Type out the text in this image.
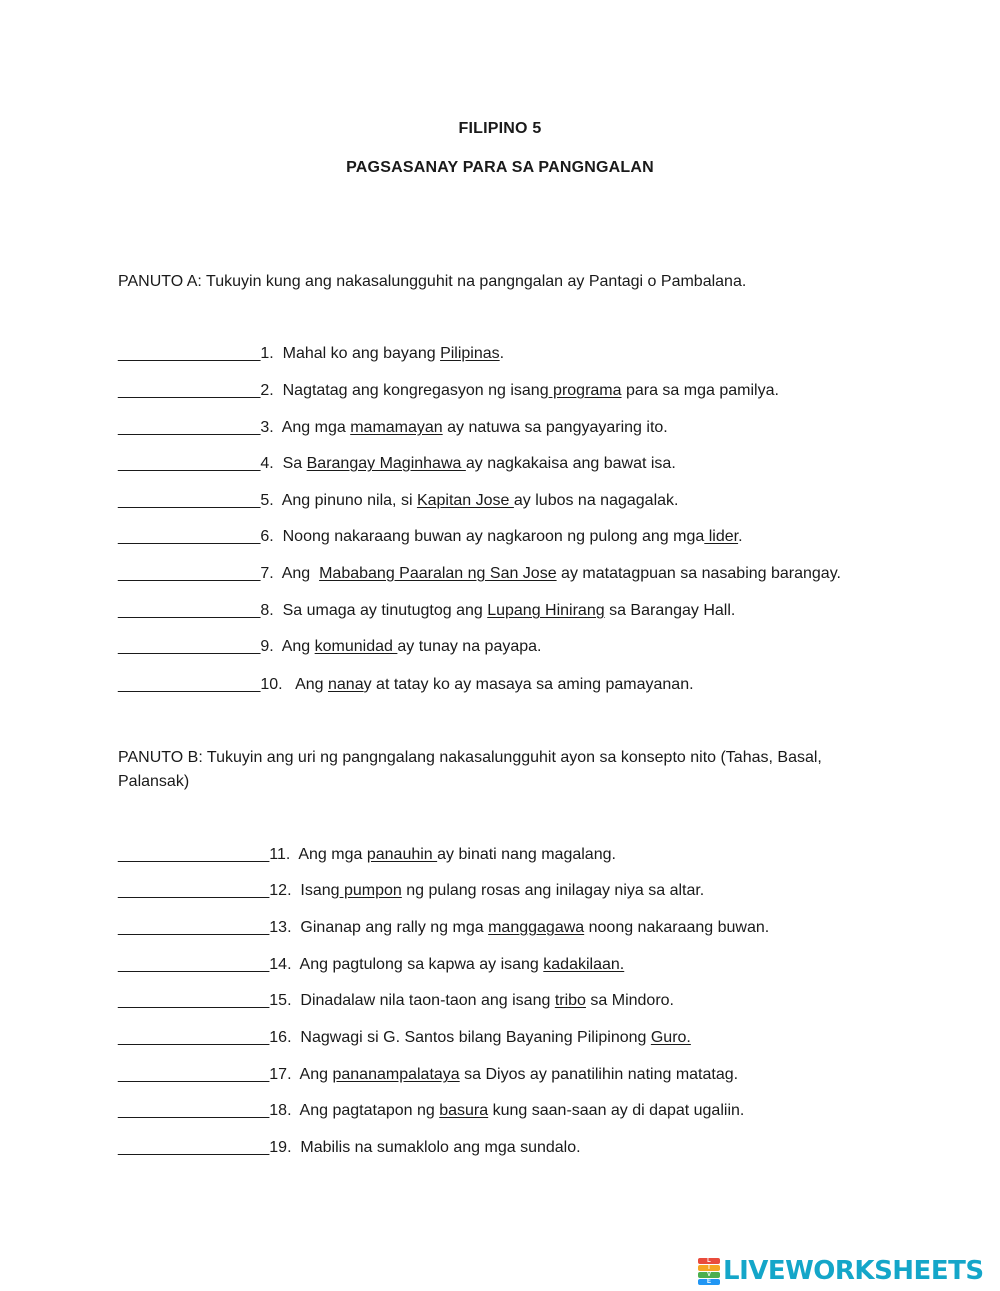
FILIPINO 5
PAGSASANAY PARA SA PANGNGALAN
PANUTO A: Tukuyin kung ang nakasalungguhit na pangngalan ay Pantagi o Pambalana.
________________1. Mahal ko ang bayang Pilipinas.
________________2. Nagtatag ang kongregasyon ng isang programa para sa mga pamilya.
________________3. Ang mga mamamayan ay natuwa sa pangyayaring ito.
________________4. Sa Barangay Maginhawa ay nagkakaisa ang bawat isa.
________________5. Ang pinuno nila, si Kapitan Jose ay lubos na nagagalak.
________________6. Noong nakaraang buwan ay nagkaroon ng pulong ang mga lider.
________________7. Ang  Mababang Paaralan ng San Jose ay matatagpuan sa nasabing barangay.
________________8. Sa umaga ay tinutugtog ang Lupang Hinirang sa Barangay Hall.
________________9. Ang komunidad ay tunay na payapa.
________________10.   Ang nanay at tatay ko ay masaya sa aming pamayanan.
PANUTO B: Tukuyin ang uri ng pangngalang nakasalungguhit ayon sa konsepto nito (Tahas, Basal, Palansak)
_________________11. Ang mga panauhin ay binati nang magalang.
_________________12. Isang pumpon ng pulang rosas ang inilagay niya sa altar.
_________________13. Ginanap ang rally ng mga manggagawa noong nakaraang buwan.
_________________14. Ang pagtulong sa kapwa ay isang kadakilaan.
_________________15. Dinadalaw nila taon-taon ang isang tribo sa Mindoro.
_________________16. Nagwagi si G. Santos bilang Bayaning Pilipinong Guro.
_________________17. Ang pananampalataya sa Diyos ay panatilihin nating matatag.
_________________18. Ang pagtatapon ng basura kung saan-saan ay di dapat ugaliin.
_________________19. Mabilis na sumaklolo ang mga sundalo.
L
I
V
E LIVEWORKSHEETS
